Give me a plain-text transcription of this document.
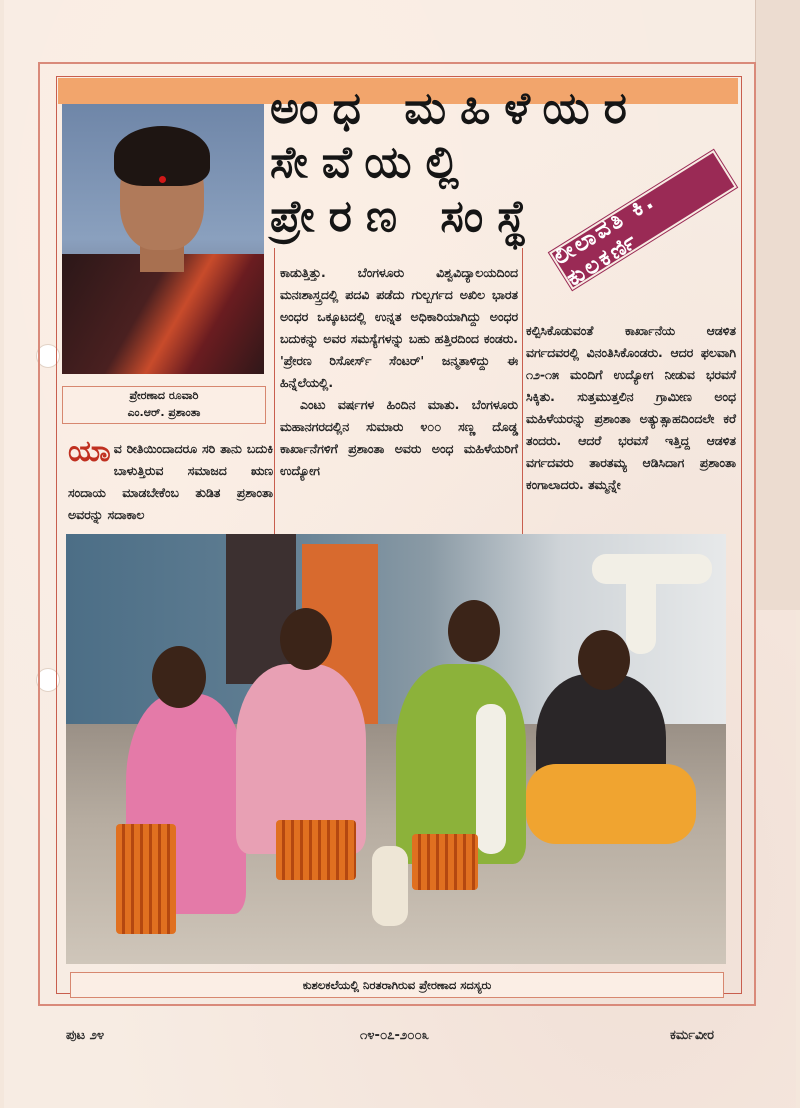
ಅಂಧ ಮಹಿಳೆಯರ
ಸೇವೆಯಲ್ಲಿ
ಪ್ರೇರಣ ಸಂಸ್ಥೆ ಲೀಲಾವತಿ ಕಿ. ಕುಲಕರ್ಣಿ
ಪ್ರೇರಣಾದ ರೂವಾರಿ
ಎಂ.ಆರ್. ಪ್ರಶಾಂತಾ
ಯಾ ವ ರೀತಿಯಿಂದಾದರೂ ಸರಿ ತಾನು ಬದುಕಿ ಬಾಳುತ್ತಿರುವ ಸಮಾಜದ ಋಣ ಸಂದಾಯ ಮಾಡಬೇಕೆಂಬ ತುಡಿತ ಪ್ರಶಾಂತಾ ಅವರನ್ನು ಸದಾಕಾಲ

ಕಾಡುತ್ತಿತ್ತು. ಬೆಂಗಳೂರು ವಿಶ್ವವಿದ್ಯಾಲಯದಿಂದ ಮನಃಶಾಸ್ತ್ರದಲ್ಲಿ ಪದವಿ ಪಡೆದು ಗುಲ್ಬರ್ಗದ ಅಖಿಲ ಭಾರತ ಅಂಧರ ಒಕ್ಕೂಟದಲ್ಲಿ ಉನ್ನತ ಅಧಿಕಾರಿಯಾಗಿದ್ದು ಅಂಧರ ಬದುಕನ್ನು ಅವರ ಸಮಸ್ಯೆಗಳನ್ನು ಬಹು ಹತ್ತಿರದಿಂದ ಕಂಡರು. 'ಪ್ರೇರಣ ರಿಸೋರ್ಸ್ ಸೆಂಟರ್' ಜನ್ಮತಾಳಿದ್ದು ಈ ಹಿನ್ನೆಲೆಯಲ್ಲಿ.

ಎಂಟು ವರ್ಷಗಳ ಹಿಂದಿನ ಮಾತು. ಬೆಂಗಳೂರು ಮಹಾನಗರದಲ್ಲಿನ ಸುಮಾರು ೪೦೦ ಸಣ್ಣ ದೊಡ್ಡ ಕಾರ್ಖಾನೆಗಳಿಗೆ ಪ್ರಶಾಂತಾ ಅವರು ಅಂಧ ಮಹಿಳೆಯರಿಗೆ ಉದ್ಯೋಗ

ಕಲ್ಪಿಸಿಕೊಡುವಂತೆ ಕಾರ್ಖಾನೆಯ ಆಡಳಿತ ವರ್ಗದವರಲ್ಲಿ ವಿನಂತಿಸಿಕೊಂಡರು. ಆದರ ಫಲವಾಗಿ ೧೨-೧೫ ಮಂದಿಗೆ ಉದ್ಯೋಗ ನೀಡುವ ಭರವಸೆ ಸಿಕ್ಕಿತು. ಸುತ್ತಮುತ್ತಲಿನ ಗ್ರಾಮೀಣ ಅಂಧ ಮಹಿಳೆಯರನ್ನು ಪ್ರಶಾಂತಾ ಅತ್ಯುತ್ಸಾಹದಿಂದಲೇ ಕರೆ ತಂದರು. ಆದರೆ ಭರವಸೆ ಇತ್ತಿದ್ದ ಆಡಳಿತ ವರ್ಗದವರು ತಾರತಮ್ಯ ಆಡಿಸಿದಾಗ ಪ್ರಶಾಂತಾ ಕಂಗಾಲಾದರು. ತಮ್ಮನ್ನೇ

ಕುಶಲಕಲೆಯಲ್ಲಿ ನಿರತರಾಗಿರುವ ಪ್ರೇರಣಾದ ಸದಸ್ಯರು
ಪುಟ ೨೪	೧೪-೦೭-೨೦೦೩	ಕರ್ಮವೀರ
